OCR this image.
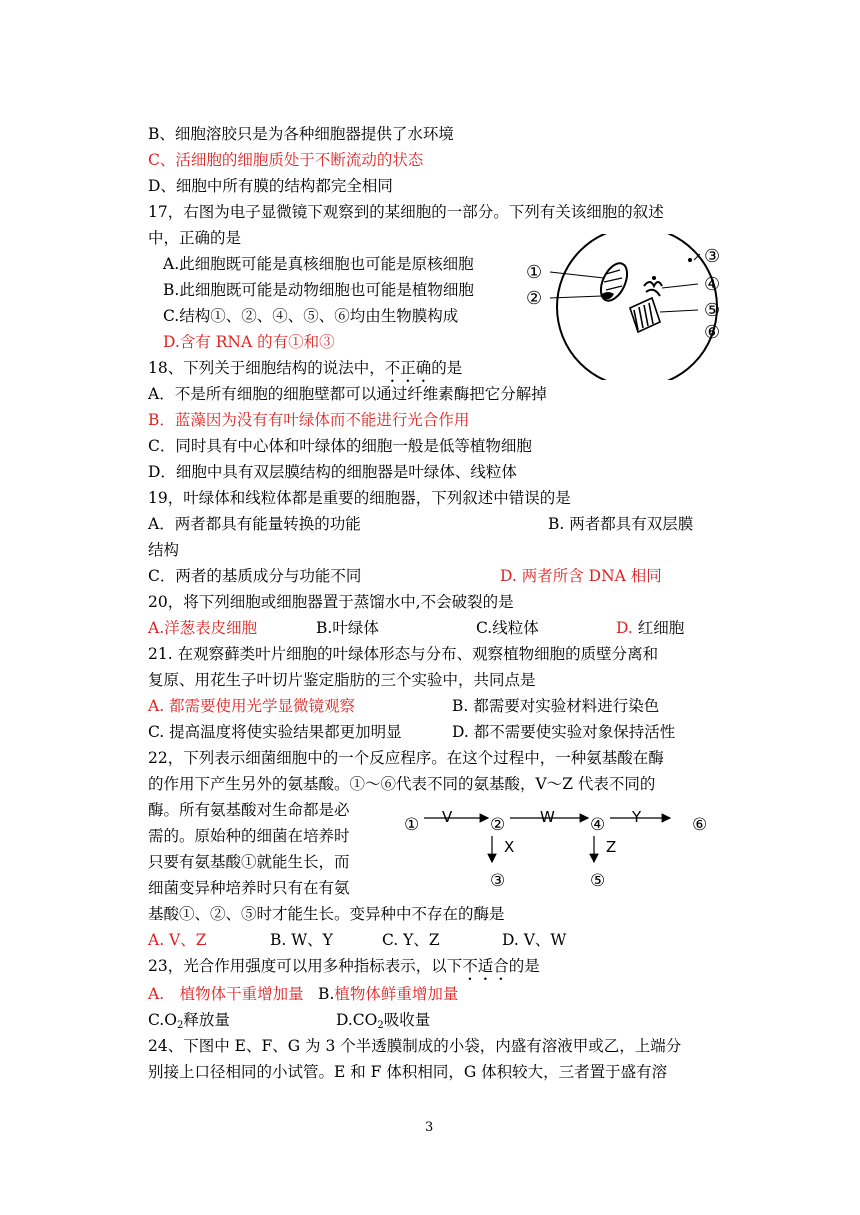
B、细胞溶胶只是为各种细胞器提供了水环境
C、活细胞的细胞质处于不断流动的状态
D、细胞中所有膜的结构都完全相同
17，右图为电子显微镜下观察到的某细胞的一部分。下列有关该细胞的叙述
中，正确的是
A.此细胞既可能是真核细胞也可能是原核细胞
B.此细胞既可能是动物细胞也可能是植物细胞
C.结构①、②、④、⑤、⑥均由生物膜构成
D.含有 RNA 的有①和③
①
②
③
④
⑤
⑥
18、下列关于细胞结构的说法中，不正确的是
A．不是所有细胞的细胞壁都可以通过纤维素酶把它分解掉
B．蓝藻因为没有有叶绿体而不能进行光合作用
C．同时具有中心体和叶绿体的细胞一般是低等植物细胞
D．细胞中具有双层膜结构的细胞器是叶绿体、线粒体
19，叶绿体和线粒体都是重要的细胞器，下列叙述中错误的是
A．两者都具有能量转换的功能	B. 两者都具有双层膜
结构
C．两者的基质成分与功能不同	D. 两者所含 DNA 相同
20，将下列细胞或细胞器置于蒸馏水中,不会破裂的是
A.洋葱表皮细胞	B.叶绿体	C.线粒体	D. 红细胞
21. 在观察藓类叶片细胞的叶绿体形态与分布、观察植物细胞的质壁分离和
复原、用花生子叶切片鉴定脂肪的三个实验中，共同点是
A. 都需要使用光学显微镜观察	B. 都需要对实验材料进行染色
C. 提高温度将使实验结果都更加明显	D. 都不需要使实验对象保持活性
22，下列表示细菌细胞中的一个反应程序。在这个过程中，一种氨基酸在酶
的作用下产生另外的氨基酸。①～⑥代表不同的氨基酸，V～Z 代表不同的
酶。所有氨基酸对生命都是必
需的。原始种的细菌在培养时
只要有氨基酸①就能生长，而
细菌变异种培养时只有在有氨
基酸①、②、⑤时才能生长。变异种中不存在的酶是
A. V、Z	B. W、Y	C. Y、Z	D. V、W
①	②	④	⑥
③	⑤
V	W	Y
X	Z
23，光合作用强度可以用多种指标表示，以下不适合的是
A.　植物体干重增加量 B.植物体鲜重增加量
$C.O_2$释放量	$D.CO_2$吸收量
24、下图中 E、F、G 为 3 个半透膜制成的小袋，内盛有溶液甲或乙，上端分
别接上口径相同的小试管。E 和 F 体积相同，G 体积较大，三者置于盛有溶
3
